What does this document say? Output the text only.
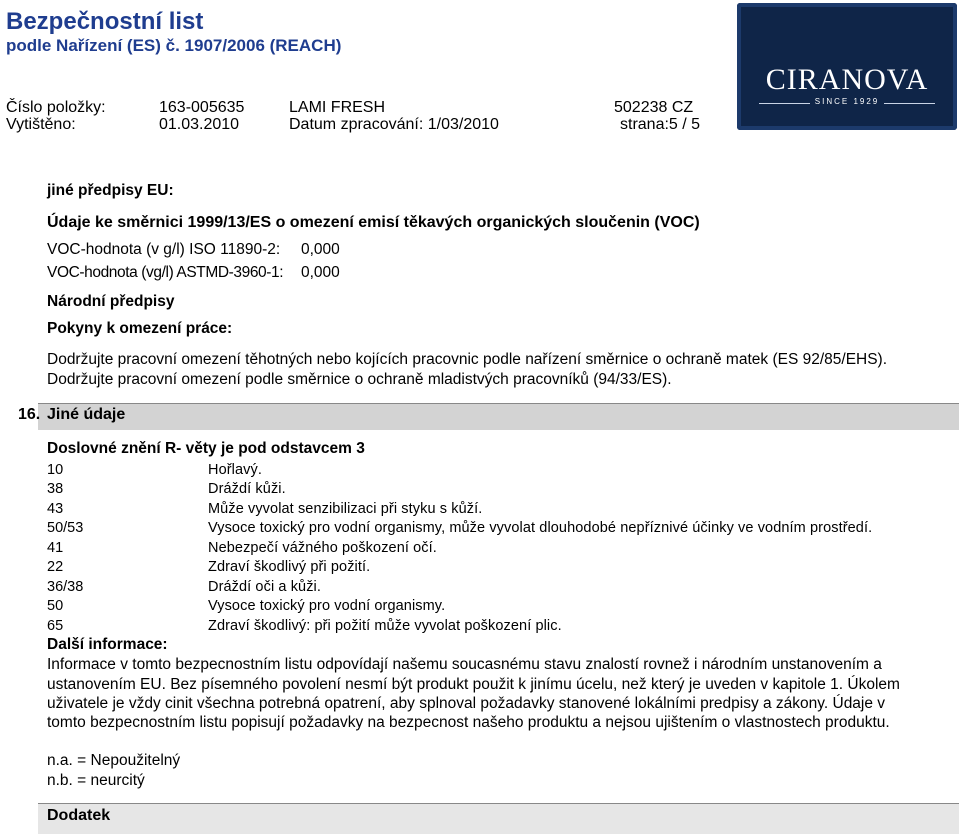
Bezpečnostní list
podle Nařízení (ES) č. 1907/2006 (REACH)
Číslo položky:	163-005635	LAMI FRESH	502238 CZ
Vytištěno:	01.03.2010	Datum zpracování: 1/03/2010	strana:5 / 5
CIRANOVA
SINCE 1929
jiné předpisy EU:
Údaje ke směrnici 1999/13/ES o omezení emisí těkavých organických sloučenin (VOC)
VOC-hodnota (v g/l) ISO 11890-2: 0,000
VOC-hodnota (vg/l) ASTMD-3960-1: 0,000
Národní předpisy
Pokyny k omezení práce:
Dodržujte pracovní omezení těhotných nebo kojících pracovnic podle nařízení směrnice o ochraně matek (ES 92/85/EHS).
Dodržujte pracovní omezení podle směrnice o ochraně mladistvých pracovníků (94/33/ES).
16. Jiné údaje
Doslovné znění R- věty je pod odstavcem 3
10	Hořlavý.
38	Dráždí kůži.
43	Může vyvolat senzibilizaci při styku s kůží.
50/53	Vysoce toxický pro vodní organismy, může vyvolat dlouhodobé nepříznivé účinky ve vodním prostředí.
41	Nebezpečí vážného poškození očí.
22	Zdraví škodlivý při požití.
36/38	Dráždí oči a kůži.
50	Vysoce toxický pro vodní organismy.
65	Zdraví škodlivý: při požití může vyvolat poškození plic.
Další informace:
Informace v tomto bezpecnostním listu odpovídají našemu soucasnému stavu znalostí rovnež i národním unstanovením a
ustanovením EU. Bez písemného povolení nesmí být produkt použit k jinímu úcelu, než který je uveden v kapitole 1. Úkolem
uživatele je vždy cinit všechna potrebná opatrení, aby splnoval požadavky stanovené lokálními predpisy a zákony. Údaje v
tomto bezpecnostním listu popisují požadavky na bezpecnost našeho produktu a nejsou ujištením o vlastnostech produktu.
n.a. = Nepoužitelný
n.b. = neurcitý
Dodatek
